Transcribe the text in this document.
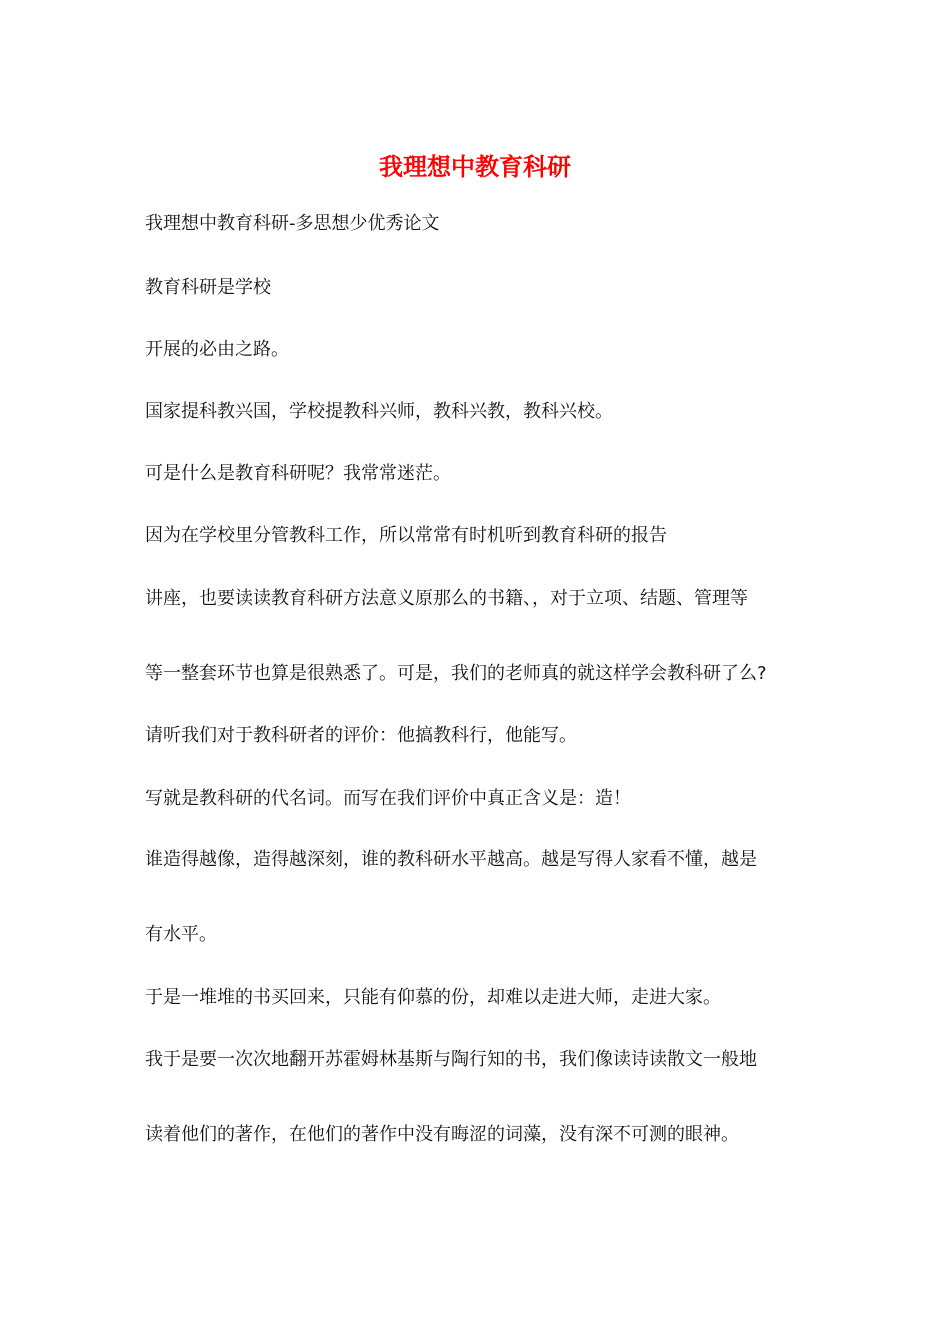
我理想中教育科研

我理想中教育科研-多思想少优秀论文

教育科研是学校

开展的必由之路。

国家提科教兴国，学校提教科兴师，教科兴教，教科兴校。

可是什么是教育科研呢？我常常迷茫。

因为在学校里分管教科工作，所以常常有时机听到教育科研的报告

讲座，也要读读教育科研方法意义原那么的书籍、，对于立项、结题、管理等

等一整套环节也算是很熟悉了。可是，我们的老师真的就这样学会教科研了么?

请听我们对于教科研者的评价：他搞教科行，他能写。

写就是教科研的代名词。而写在我们评价中真正含义是：造！

谁造得越像，造得越深刻，谁的教科研水平越高。越是写得人家看不懂，越是

有水平。

于是一堆堆的书买回来，只能有仰慕的份，却难以走进大师，走进大家。

我于是要一次次地翻开苏霍姆林基斯与陶行知的书，我们像读诗读散文一般地

读着他们的著作，在他们的著作中没有晦涩的词藻，没有深不可测的眼神。
